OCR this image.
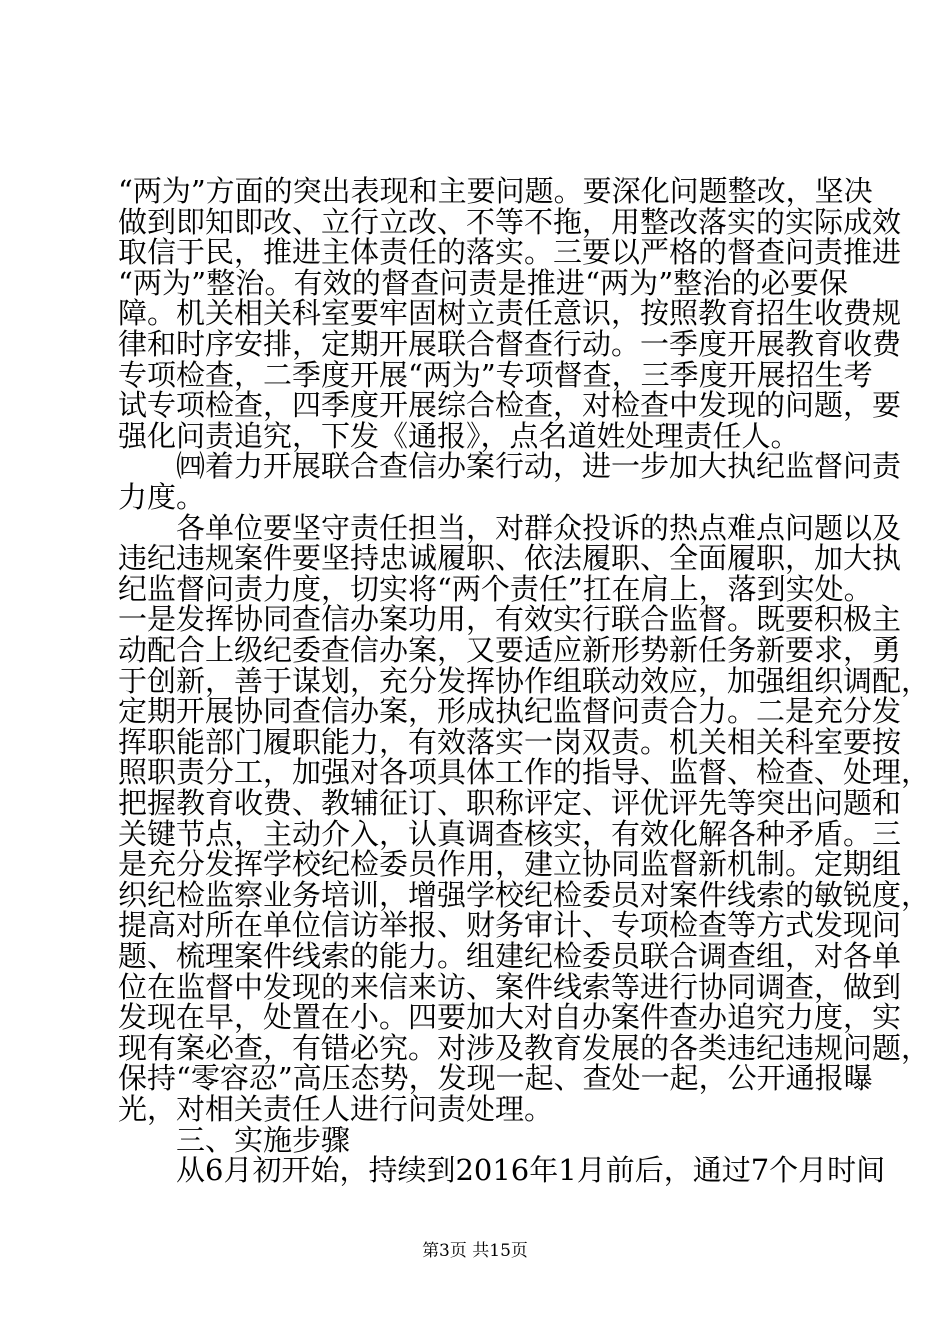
“两为”方面的突出表现和主要问题。要深化问题整改，坚决
做到即知即改、立行立改、不等不拖，用整改落实的实际成效
取信于民，推进主体责任的落实。三要以严格的督查问责推进
“两为”整治。有效的督查问责是推进“两为”整治的必要保
障。机关相关科室要牢固树立责任意识，按照教育招生收费规
律和时序安排，定期开展联合督查行动。一季度开展教育收费
专项检查，二季度开展“两为”专项督查，三季度开展招生考
试专项检查，四季度开展综合检查，对检查中发现的问题，要
强化问责追究，下发《通报》，点名道姓处理责任人。
㈣着力开展联合查信办案行动，进一步加大执纪监督问责
力度。
各单位要坚守责任担当，对群众投诉的热点难点问题以及
违纪违规案件要坚持忠诚履职、依法履职、全面履职，加大执
纪监督问责力度，切实将“两个责任”扛在肩上，落到实处。
一是发挥协同查信办案功用，有效实行联合监督。既要积极主
动配合上级纪委查信办案，又要适应新形势新任务新要求，勇
于创新，善于谋划，充分发挥协作组联动效应，加强组织调配，
定期开展协同查信办案，形成执纪监督问责合力。二是充分发
挥职能部门履职能力，有效落实一岗双责。机关相关科室要按
照职责分工，加强对各项具体工作的指导、监督、检查、处理，
把握教育收费、教辅征订、职称评定、评优评先等突出问题和
关键节点，主动介入，认真调查核实，有效化解各种矛盾。三
是充分发挥学校纪检委员作用，建立协同监督新机制。定期组
织纪检监察业务培训，增强学校纪检委员对案件线索的敏锐度，
提高对所在单位信访举报、财务审计、专项检查等方式发现问
题、梳理案件线索的能力。组建纪检委员联合调查组，对各单
位在监督中发现的来信来访、案件线索等进行协同调查，做到
发现在早，处置在小。四要加大对自办案件查办追究力度，实
现有案必查，有错必究。对涉及教育发展的各类违纪违规问题，
保持“零容忍”高压态势，发现一起、查处一起，公开通报曝
光，对相关责任人进行问责处理。
三、实施步骤
从6月初开始，持续到2016年1月前后，通过7个月时间
第3页 共15页
